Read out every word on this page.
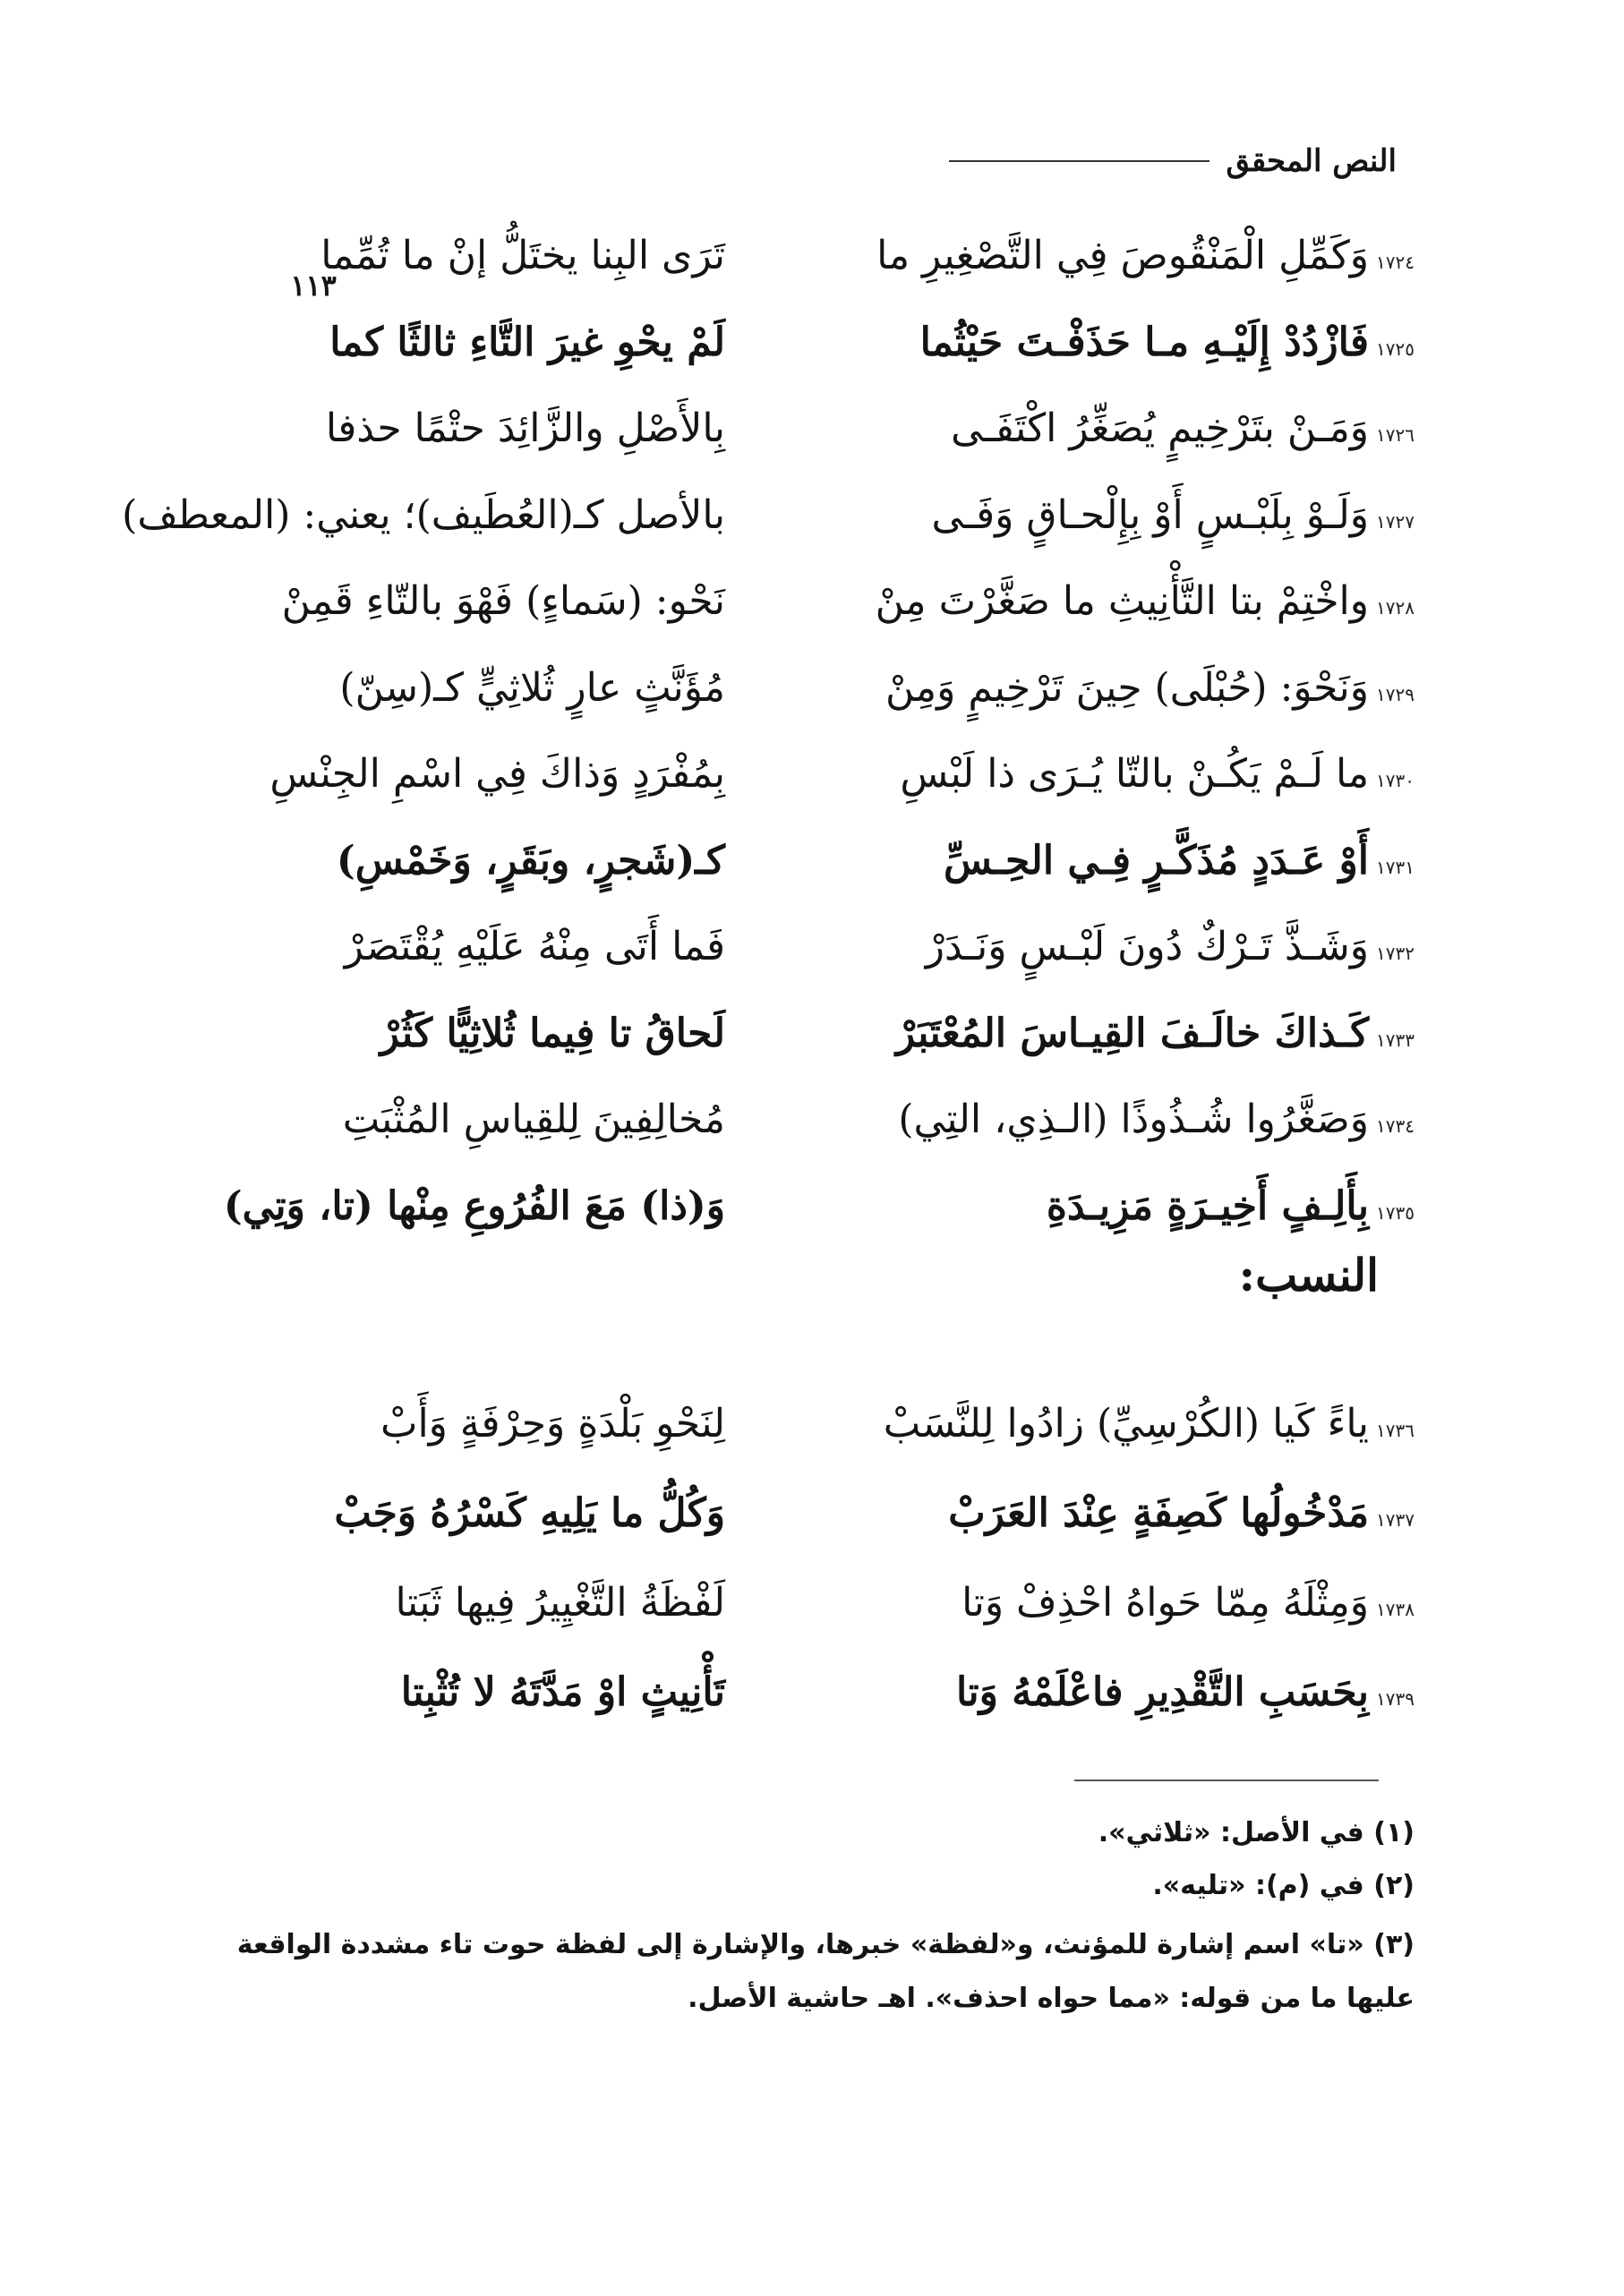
النص المحقق
١١٣
١٧٢٤
وَكَمِّلِ الْمَنْقُوصَ فِي التَّصْغِيرِ ما
تَرَى البِنا يختَلُّ إنْ ما تُمِّما
١٧٢٥
فَازْدُدْ إِلَيْـهِ مـا حَذَفْـتَ حَيْثُما
لَمْ يحْوِ غيرَ التَّاءِ ثالثًا كما
١٧٢٦
وَمَـنْ بتَرْخِيمٍ يُصَغِّرُ اكْتَفَـى
بِالأَصْلِ والزَّائِدَ حتْمًا حذفا
١٧٢٧
وَلَـوْ بِلَبْـسٍ أَوْ بِإِلْحـاقٍ وَفَـى
بالأصل كـ(العُطَيف)؛ يعني: (المعطف)
١٧٢٨
واخْتِمْ بتا التَّأْنِيثِ ما صَغَّرْتَ مِنْ
نَحْو: (سَماءٍ) فَهْوَ بالتّاءِ قَمِنْ
١٧٢٩
وَنَحْوَ: (حُبْلَى) حِينَ تَرْخِيمٍ وَمِنْ
مُؤَنَّثٍ عارٍ ثُلاثِيٍّ كـ(سِنّ)
١٧٣٠
ما لَـمْ يَكُـنْ بالتّا يُـرَى ذا لَبْسِ
بِمُفْرَدٍ وَذاكَ فِي اسْمِ الجِنْسِ
١٧٣١
أَوْ عَـدَدٍ مُذَكَّـرٍ فِـي الحِـسِّ
كـ(شَجرٍ، وبَقَرٍ، وَخَمْسِ)
١٧٣٢
وَشَـذَّ تَـرْكٌ دُونَ لَبْـسٍ وَنَـدَرْ
فَما أَتَى مِنْهُ عَلَيْهِ يُقْتَصَرْ
١٧٣٣
كَـذاكَ خالَـفَ القِيـاسَ المُعْتَبَرْ
لَحاقُ تا فِيما ثُلاثِيًّا كَثُرْ
١٧٣٤
وَصَغَّرُوا شُـذُوذًا (الـذِي، التِي)
مُخالِفِينَ لِلقِياسِ المُثْبَتِ
١٧٣٥
بِأَلِـفٍ أَخِيـرَةٍ مَزِيـدَةِ
وَ(ذا) مَعَ الفُرُوعِ مِنْها (تا، وَتِي)
النسب:
١٧٣٦
ياءً كَيا (الكُرْسِيِّ) زادُوا لِلنَّسَبْ
لِنَحْوِ بَلْدَةٍ وَحِرْفَةٍ وَأَبْ
١٧٣٧
مَدْخُولُها كَصِفَةٍ عِنْدَ العَرَبْ
وَكُلُّ ما يَلِيهِ كَسْرُهُ وَجَبْ
١٧٣٨
وَمِثْلَهُ مِمّا حَواهُ احْذِفْ وَتا
لَفْظَةُ التَّغْيِيرُ فِيها ثَبَتا
١٧٣٩
بِحَسَبِ التَّقْدِيرِ فاعْلَمْهُ وَتا
تَأْنِيثٍ اوْ مَدَّتَهُ لا تُثْبِتا
(١) في الأصل: «ثلاثي».
(٢) في (م): «تليه».
(٣) «تا» اسم إشارة للمؤنث، و«لفظة» خبرها، والإشارة إلى لفظة حوت تاء مشددة الواقعة عليها ما من قوله: «مما حواه احذف». اهـ حاشية الأصل.
